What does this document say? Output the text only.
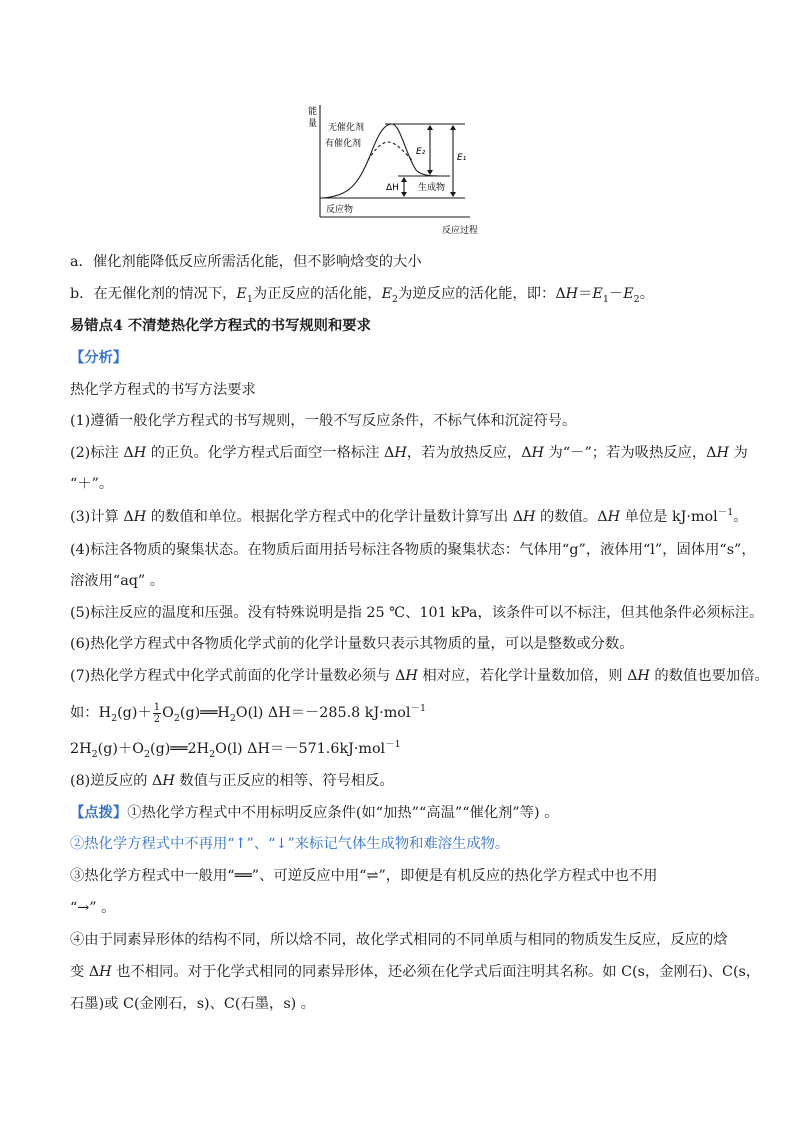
能
量
反应过程
无催化剂
有催化剂
反应物
生成物
E₂
E₁
ΔH
a．催化剂能降低反应所需活化能，但不影响焓变的大小
b．在无催化剂的情况下，$E_1$为正反应的活化能，$E_2$为逆反应的活化能，即：$\Delta H=E_1-E_2$。
易错点4 不清楚热化学方程式的书写规则和要求
【分析】
热化学方程式的书写方法要求
(1)遵循一般化学方程式的书写规则，一般不写反应条件，不标气体和沉淀符号。
(2)标注 ΔH 的正负。化学方程式后面空一格标注 ΔH，若为放热反应，ΔH 为“－”；若为吸热反应，ΔH 为
“＋”。
(3)计算 ΔH 的数值和单位。根据化学方程式中的化学计量数计算写出 ΔH 的数值。ΔH 单位是 kJ·mol$^{-1}$。
(4)标注各物质的聚集状态。在物质后面用括号标注各物质的聚集状态：气体用“g”，液体用“l”，固体用“s”，
溶液用“aq” 。
(5)标注反应的温度和压强。没有特殊说明是指 25 ℃、101 kPa，该条件可以不标注，但其他条件必须标注。
(6)热化学方程式中各物质化学式前的化学计量数只表示其物质的量，可以是整数或分数。
(7)热化学方程式中化学式前面的化学计量数必须与 ΔH 相对应，若化学计量数加倍，则 ΔH 的数值也要加倍。
如：$H_2(g)+ \frac{1}{2}$ $O_2(g)══H_2O(l)$ ΔH＝－285.8 kJ·mol$^{-1}$
$2H_2(g)+O_2(g)══2H_2O(l)$ ΔH＝－571.6kJ·mol$^{-1}$
(8)逆反应的 ΔH 数值与正反应的相等、符号相反。
【点拨】①热化学方程式中不用标明反应条件(如“加热”“高温”“催化剂”等) 。
②热化学方程式中不再用“↑”、“↓”来标记气体生成物和难溶生成物。
③热化学方程式中一般用“══”、可逆反应中用“⇌”，即便是有机反应的热化学方程式中也不用
“→” 。
④由于同素异形体的结构不同，所以焓不同，故化学式相同的不同单质与相同的物质发生反应，反应的焓
变 ΔH 也不相同。对于化学式相同的同素异形体，还必须在化学式后面注明其名称。如 C(s，金刚石)、C(s，
石墨)或 C(金刚石，s)、C(石墨，s) 。
